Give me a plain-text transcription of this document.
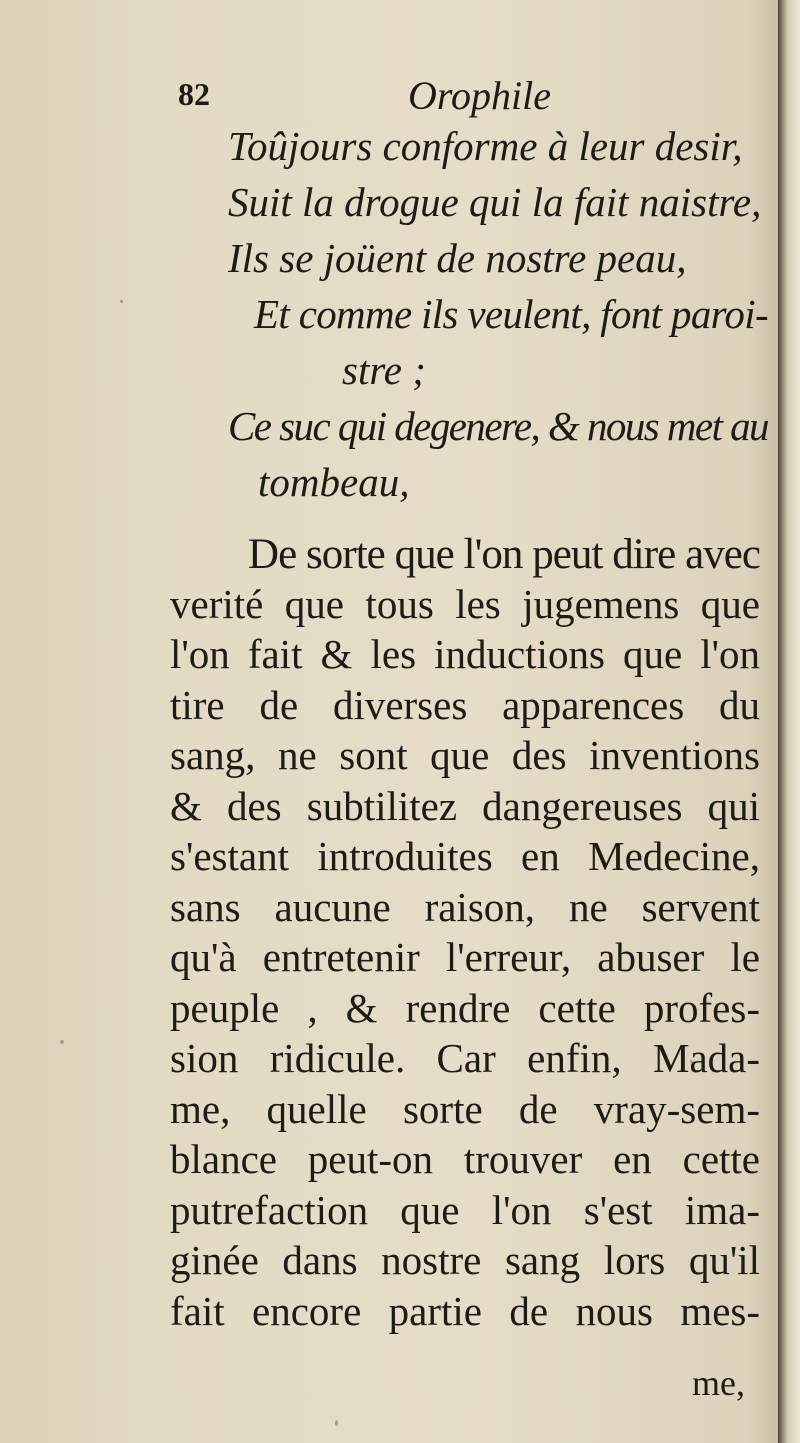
82	Orophile
Toûjours conforme à leur desir,
Suit la drogue qui la fait naistre,
Ils se joüent de nostre peau,
Et comme ils veulent, font paroi-
stre ;
Ce suc qui degenere, & nous met au
tombeau,
De sorte que l'on peut dire avec
verité que tous les jugemens que
l'on fait & les inductions que l'on
tire de diverses apparences du
sang, ne sont que des inventions
& des subtilitez dangereuses qui
s'estant introduites en Medecine,
sans aucune raison, ne servent
qu'à entretenir l'erreur, abuser le
peuple , & rendre cette profes-
sion ridicule. Car enfin, Mada-
me, quelle sorte de vray-sem-
blance peut-on trouver en cette
putrefaction que l'on s'est ima-
ginée dans nostre sang lors qu'il
fait encore partie de nous mes-
me,
